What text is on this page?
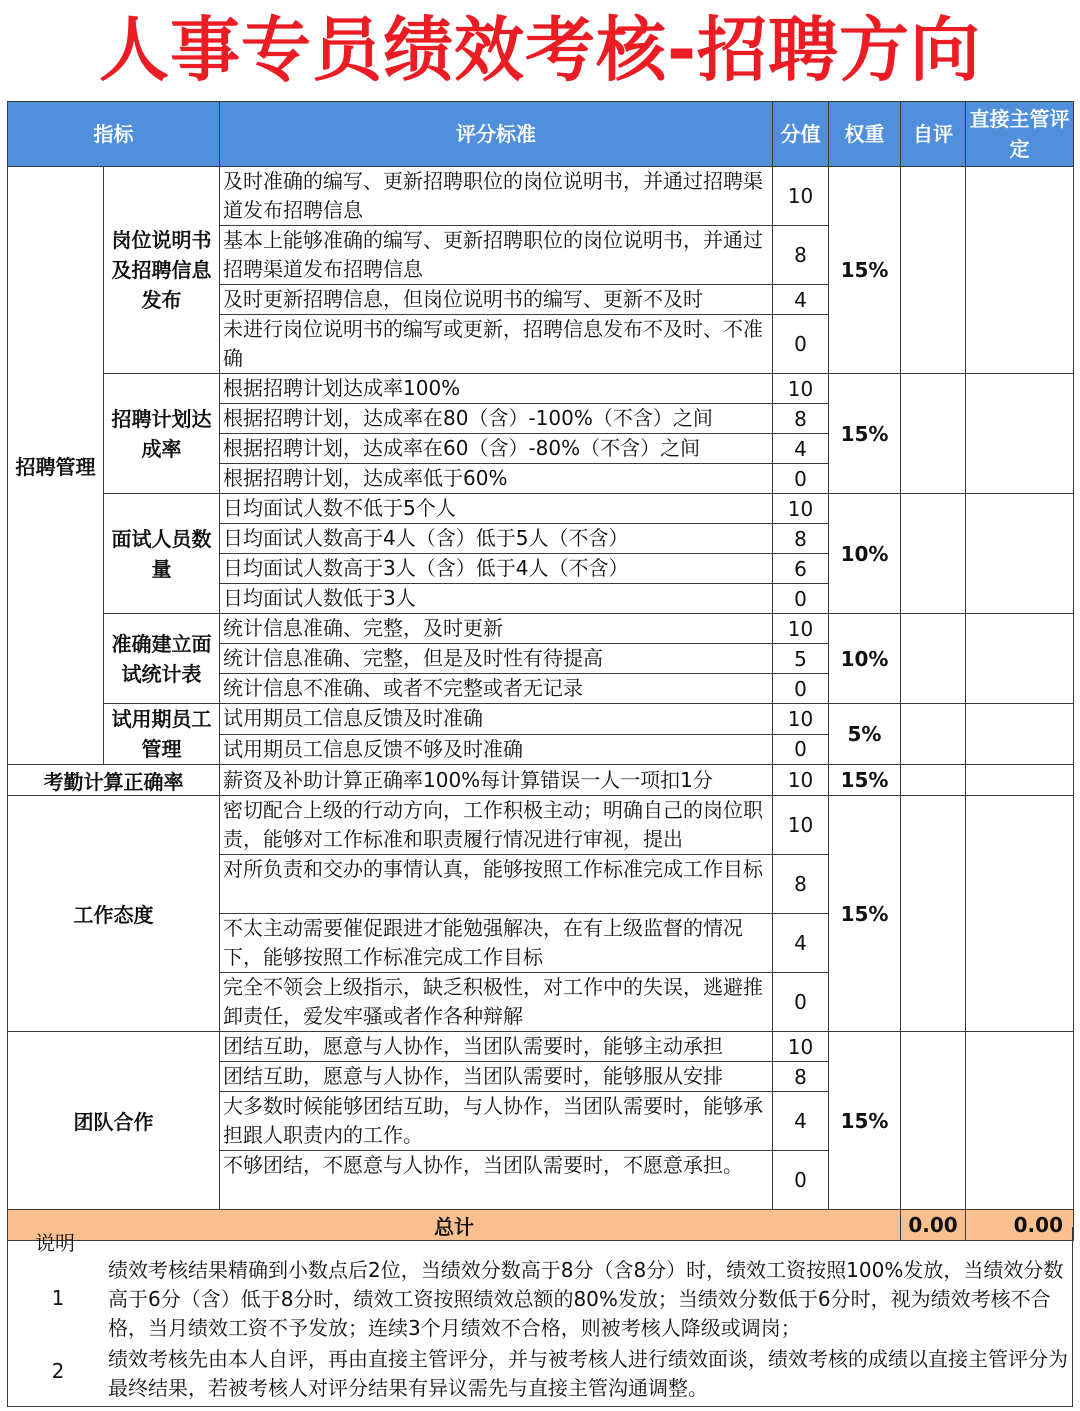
人事专员绩效考核-招聘方向
指标		评分标准	分值	权重	自评	直接主管评定
招聘管理	岗位说明书及招聘信息发布	及时准确的编写、更新招聘职位的岗位说明书，并通过招聘渠道发布招聘信息	10	15%		
		基本上能够准确的编写、更新招聘职位的岗位说明书，并通过招聘渠道发布招聘信息	8			
		及时更新招聘信息，但岗位说明书的编写、更新不及时	4			
		未进行岗位说明书的编写或更新，招聘信息发布不及时、不准确	0			
	招聘计划达成率	根据招聘计划达成率100%	10	15%		
		根据招聘计划，达成率在80（含）-100%（不含）之间	8			
		根据招聘计划，达成率在60（含）-80%（不含）之间	4			
		根据招聘计划，达成率低于60%	0			
	面试人员数量	日均面试人数不低于5个人	10	10%		
		日均面试人数高于4人（含）低于5人（不含）	8			
		日均面试人数高于3人（含）低于4人（不含）	6			
		日均面试人数低于3人	0			
	准确建立面试统计表	统计信息准确、完整，及时更新	10	10%		
		统计信息准确、完整，但是及时性有待提高	5			
		统计信息不准确、或者不完整或者无记录	0			
	试用期员工管理	试用期员工信息反馈及时准确	10	5%		
		试用期员工信息反馈不够及时准确	0			
考勤计算正确率		薪资及补助计算正确率100%每计算错误一人一项扣1分	10	15%		
工作态度		密切配合上级的行动方向，工作积极主动；明确自己的岗位职责，能够对工作标准和职责履行情况进行审视，提出	10	15%		
		对所负责和交办的事情认真，能够按照工作标准完成工作目标	8			
		不太主动需要催促跟进才能勉强解决，在有上级监督的情况下，能够按照工作标准完成工作目标	4			
		完全不领会上级指示，缺乏积极性，对工作中的失误，逃避推卸责任，爱发牢骚或者作各种辩解	0			
团队合作		团结互助，愿意与人协作，当团队需要时，能够主动承担	10	15%		
		团结互助，愿意与人协作，当团队需要时，能够服从安排	8			
		大多数时候能够团结互助，与人协作，当团队需要时，能够承担跟人职责内的工作。	4			
		不够团结，不愿意与人协作，当团队需要时，不愿意承担。	0			
总计					0.00	0.00
说明
1
绩效考核结果精确到小数点后2位，当绩效分数高于8分（含8分）时，绩效工资按照100%发放，当绩效分数高于6分（含）低于8分时，绩效工资按照绩效总额的80%发放；当绩效分数低于6分时，视为绩效考核不合格，当月绩效工资不予发放；连续3个月绩效不合格，则被考核人降级或调岗；
2 绩效考核先由本人自评，再由直接主管评分，并与被考核人进行绩效面谈，绩效考核的成绩以直接主管评分为最终结果，若被考核人对评分结果有异议需先与直接主管沟通调整。
